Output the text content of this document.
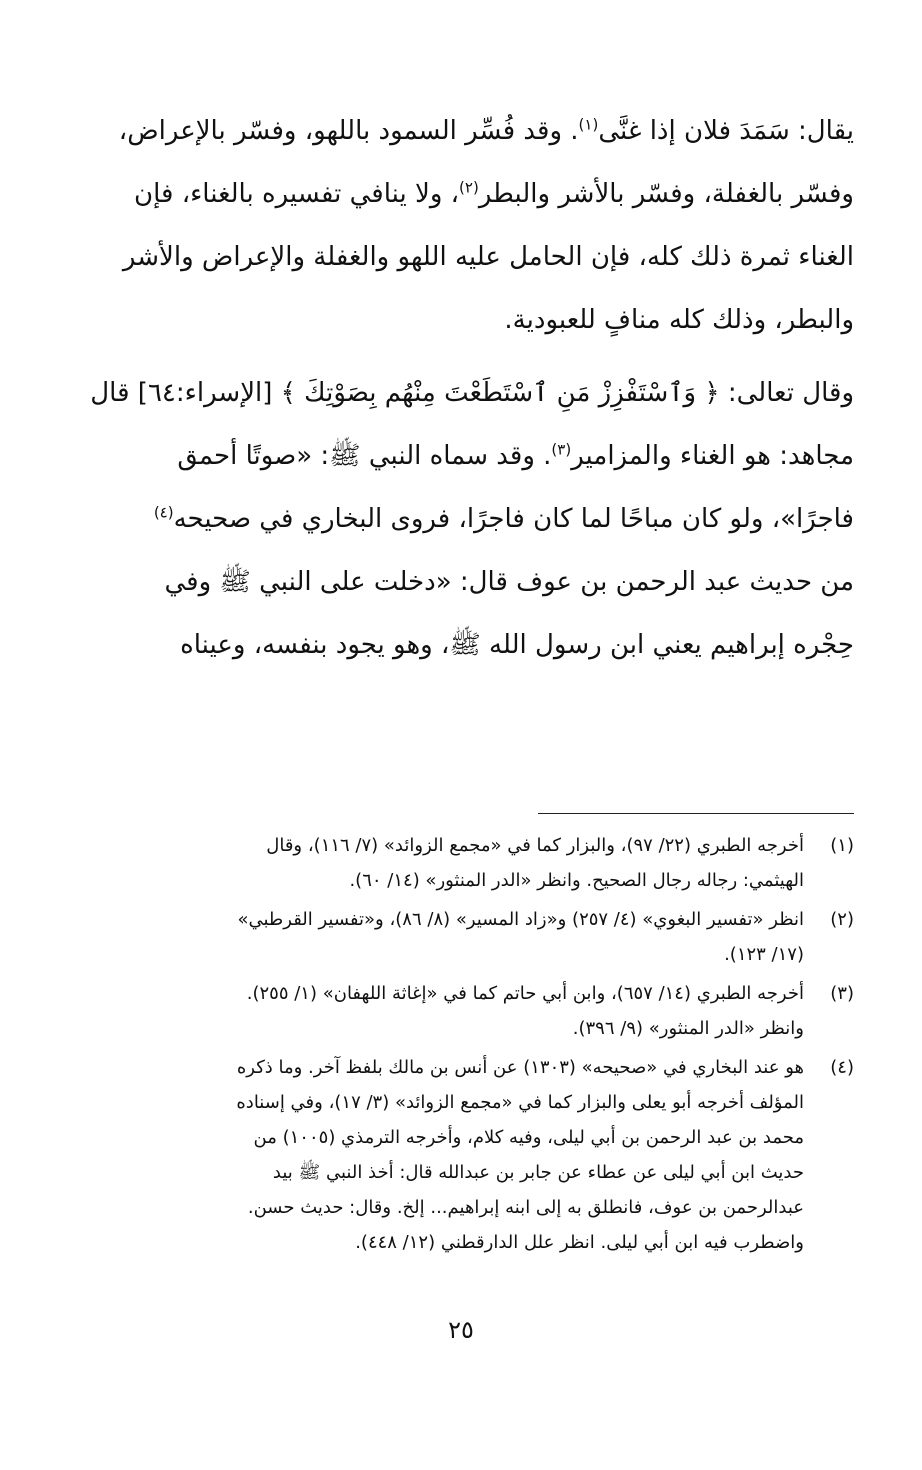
يقال: سَمَدَ فلان إذا غنَّى$^{(١)}$. وقد فُسِّر السمود باللهو، وفسّر بالإعراض،
وفسّر بالغفلة، وفسّر بالأشر والبطر$^{(٢)}$، ولا ينافي تفسيره بالغناء، فإن
الغناء ثمرة ذلك كله، فإن الحامل عليه اللهو والغفلة والإعراض والأشر
والبطر، وذلك كله منافٍ للعبودية.

وقال تعالى: ﴿ وَٱسْتَفْزِزْ مَنِ ٱسْتَطَعْتَ مِنْهُم بِصَوْتِكَ ﴾ [الإسراء:٦٤] قال
مجاهد: هو الغناء والمزامير$^{(٣)}$. وقد سماه النبي ﷺ: «صوتًا أحمق
فاجرًا»، ولو كان مباحًا لما كان فاجرًا، فروى البخاري في صحيحه$^{(٤)}$
من حديث عبد الرحمن بن عوف قال: «دخلت على النبي ﷺ وفي
حِجْره إبراهيم يعني ابن رسول الله ﷺ، وهو يجود بنفسه، وعيناه

(١)
أخرجه الطبري (٢٢/ ٩٧)، والبزار كما في «مجمع الزوائد» (٧/ ١١٦)، وقال
الهيثمي: رجاله رجال الصحيح. وانظر «الدر المنثور» (١٤/ ٦٠).
(٢)
انظر «تفسير البغوي» (٤/ ٢٥٧) و«زاد المسير» (٨/ ٨٦)، و«تفسير القرطبي»
(١٧/ ١٢٣).
(٣)
أخرجه الطبري (١٤/ ٦٥٧)، وابن أبي حاتم كما في «إغاثة اللهفان» (١/ ٢٥٥).
وانظر «الدر المنثور» (٩/ ٣٩٦).
(٤)
هو عند البخاري في «صحيحه» (١٣٠٣) عن أنس بن مالك بلفظ آخر. وما ذكره
المؤلف أخرجه أبو يعلى والبزار كما في «مجمع الزوائد» (٣/ ١٧)، وفي إسناده
محمد بن عبد الرحمن بن أبي ليلى، وفيه كلام، وأخرجه الترمذي (١٠٠٥) من
حديث ابن أبي ليلى عن عطاء عن جابر بن عبدالله قال: أخذ النبي ﷺ بيد
عبدالرحمن بن عوف، فانطلق به إلى ابنه إبراهيم... إلخ. وقال: حديث حسن.
واضطرب فيه ابن أبي ليلى. انظر علل الدارقطني (١٢/ ٤٤٨).
٢٥
